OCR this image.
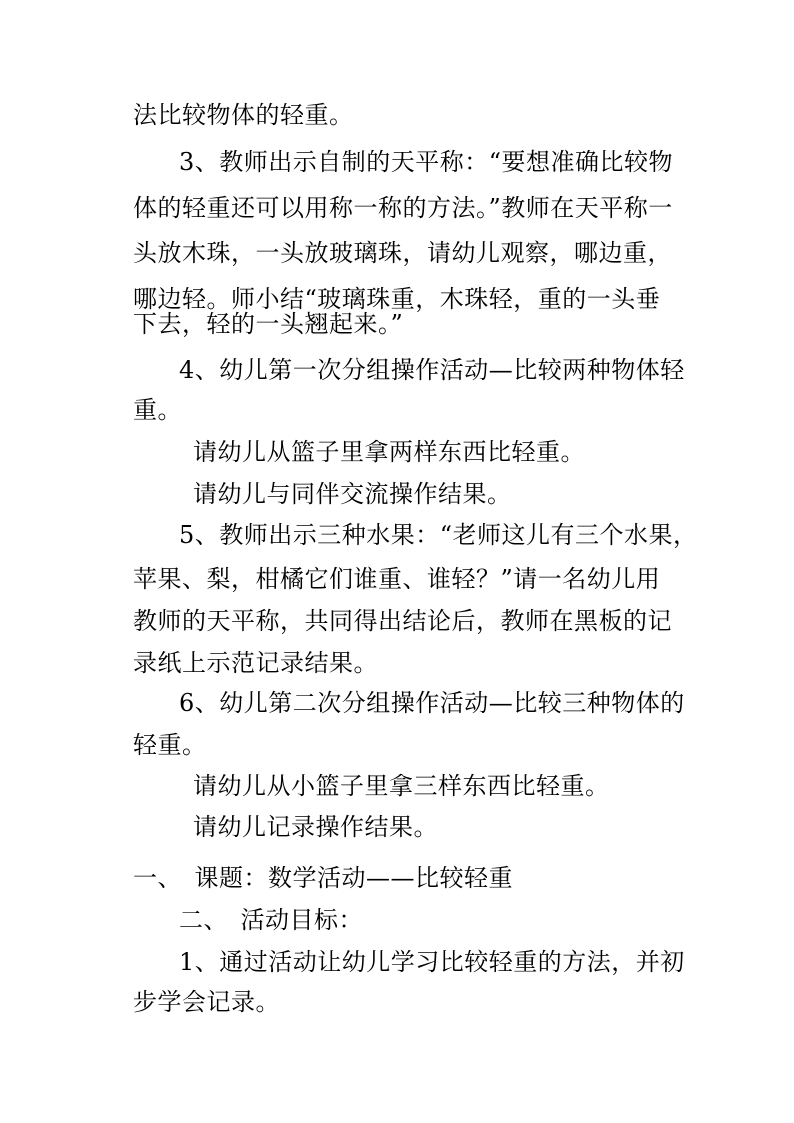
法比较物体的轻重。
3、教师出示自制的天平称：“要想准确比较物
体的轻重还可以用称一称的方法。”教师在天平称一
头放木珠，一头放玻璃珠，请幼儿观察，哪边重，
哪边轻。师小结“玻璃珠重，木珠轻，重的一头垂
下去，轻的一头翘起来。”
4、幼儿第一次分组操作活动—比较两种物体轻
重。
请幼儿从篮子里拿两样东西比轻重。
请幼儿与同伴交流操作结果。
5、教师出示三种水果：“老师这儿有三个水果，
苹果、梨，柑橘它们谁重、谁轻？”请一名幼儿用
教师的天平称，共同得出结论后，教师在黑板的记
录纸上示范记录结果。
6、幼儿第二次分组操作活动—比较三种物体的
轻重。
请幼儿从小篮子里拿三样东西比轻重。
请幼儿记录操作结果。
一、　课题：数学活动——比较轻重
二、　活动目标：
1、通过活动让幼儿学习比较轻重的方法，并初
步学会记录。
